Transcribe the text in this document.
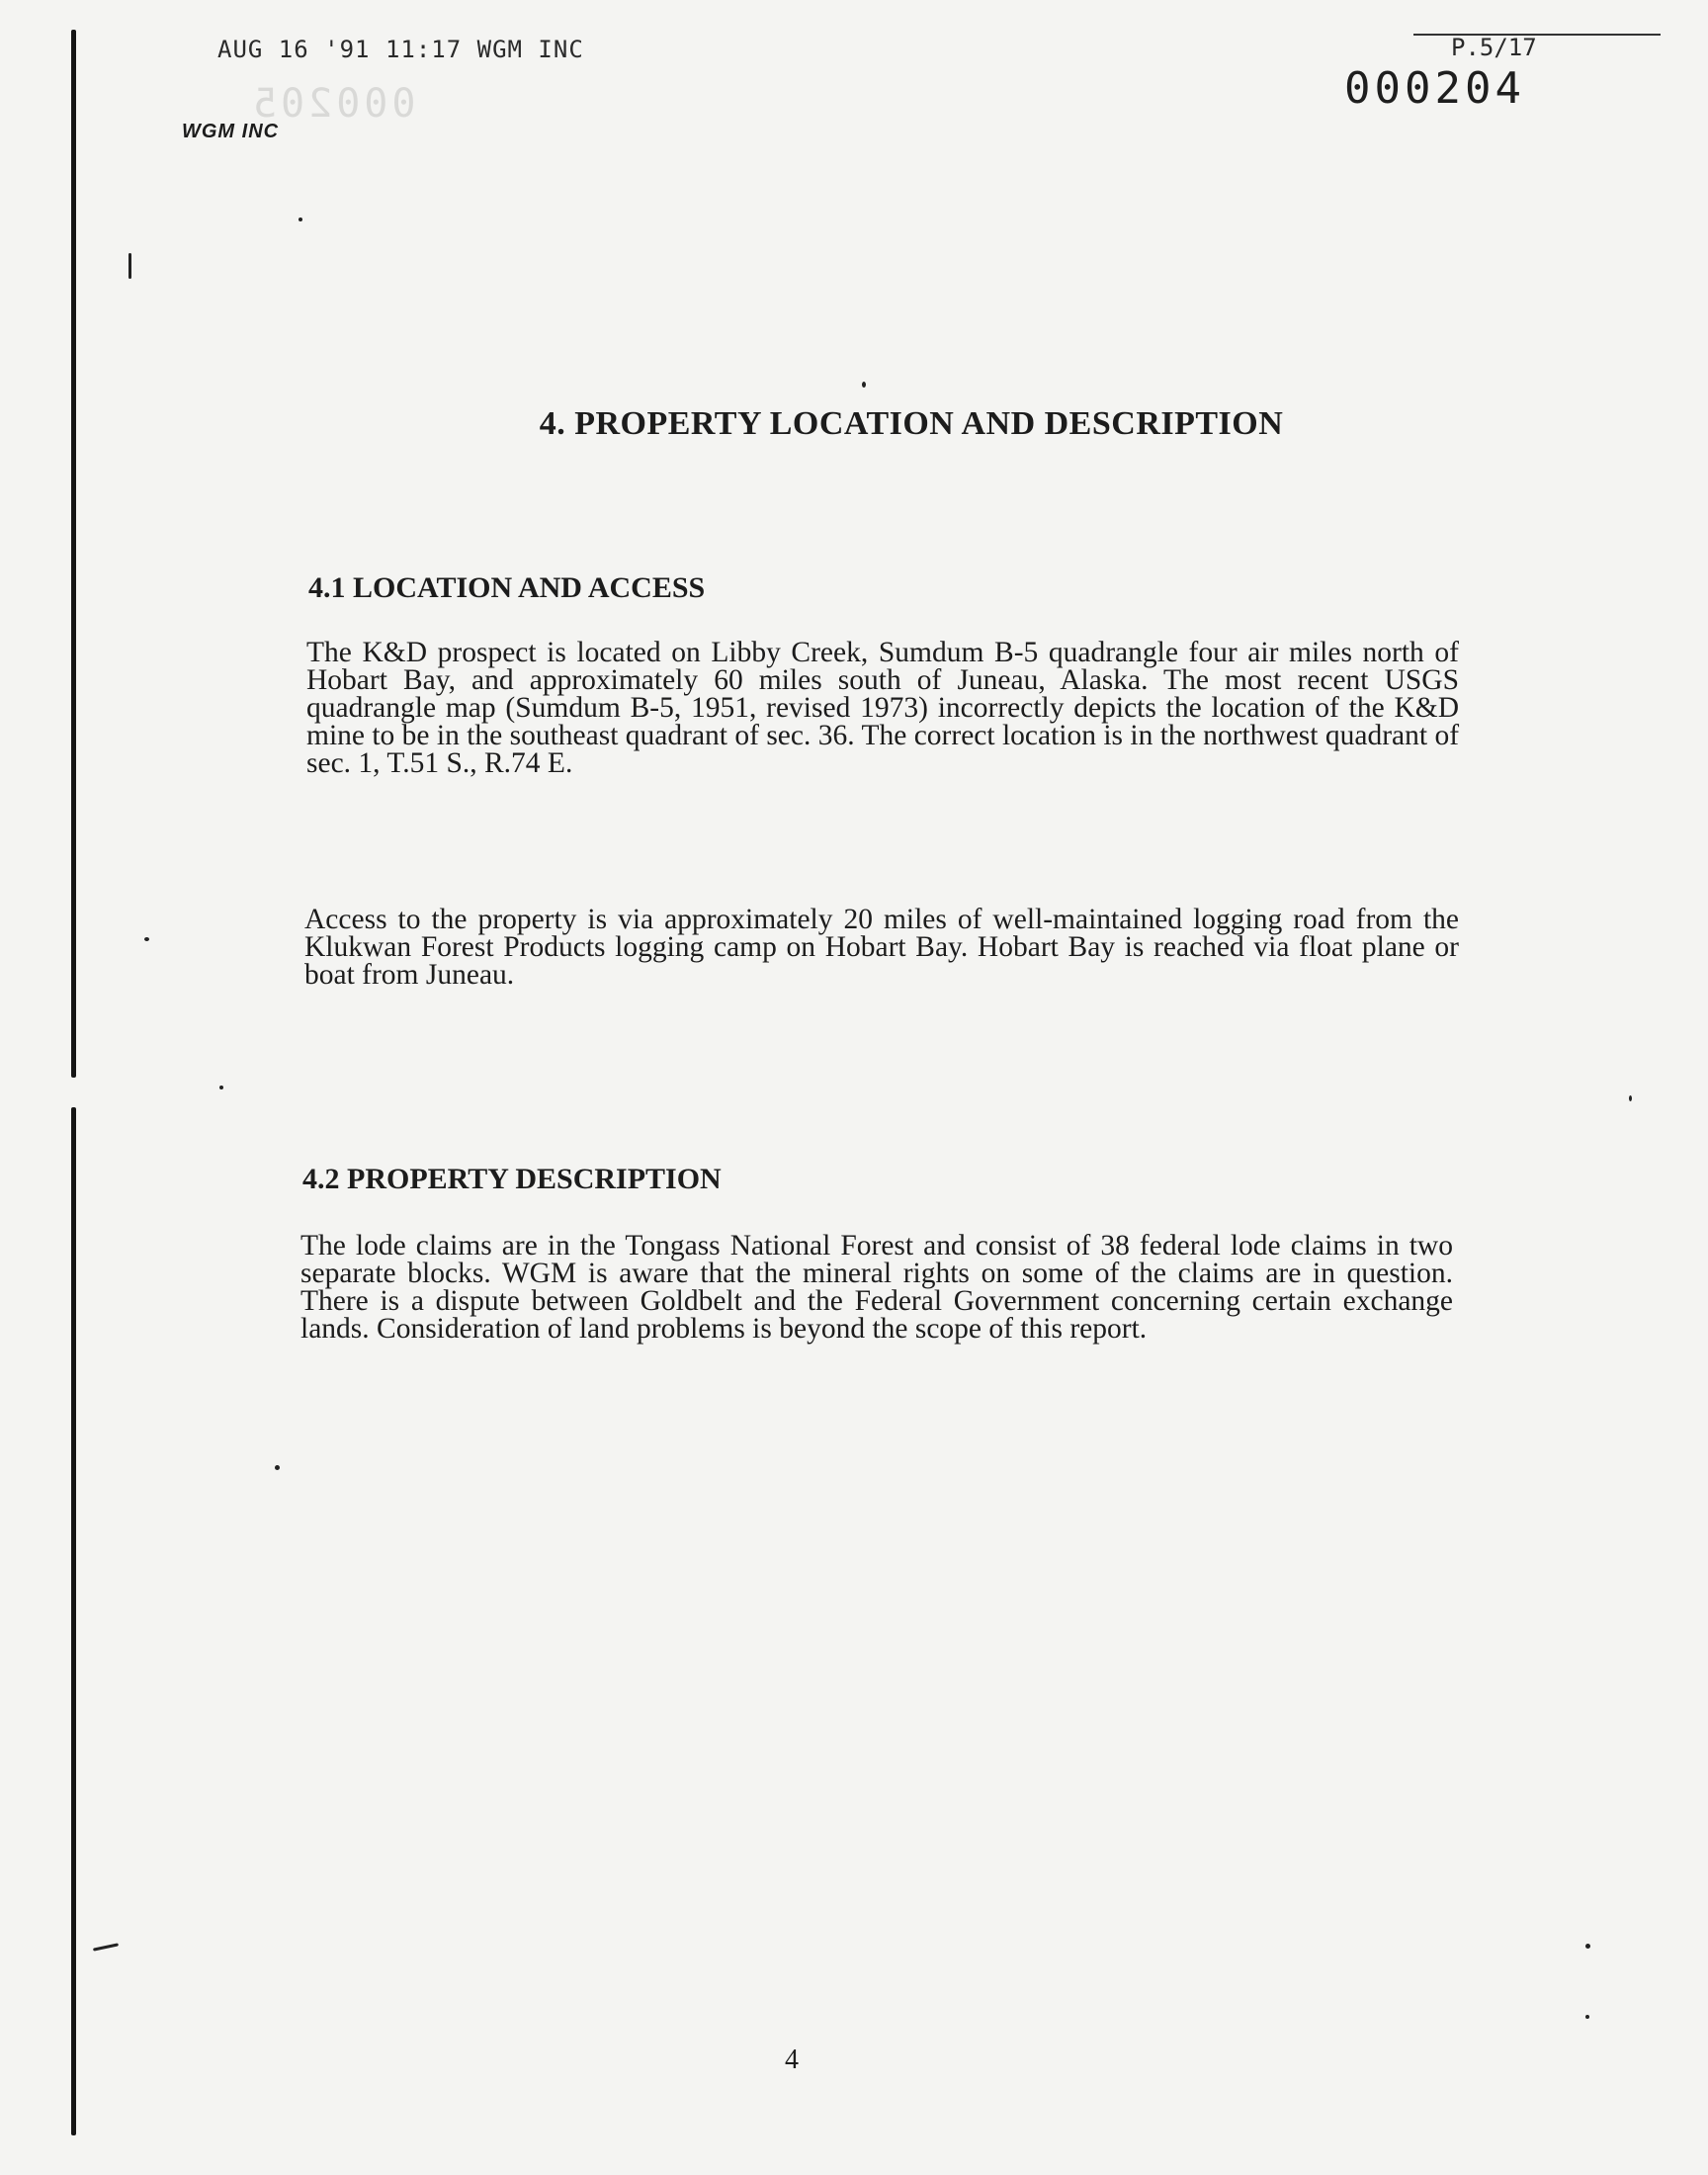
AUG 16 '91 11:17 WGM INC	P.5/17
000204
000205
WGM INC
4. PROPERTY LOCATION AND DESCRIPTION
4.1 LOCATION AND ACCESS
The K&D prospect is located on Libby Creek, Sumdum B-5 quadrangle four air miles north of Hobart Bay, and approximately 60 miles south of Juneau, Alaska. The most recent USGS quadrangle map (Sumdum B-5, 1951, revised 1973) incorrectly depicts the location of the K&D mine to be in the southeast quadrant of sec. 36. The correct location is in the northwest quadrant of sec. 1, T.51 S., R.74 E.
Access to the property is via approximately 20 miles of well-maintained logging road from the Klukwan Forest Products logging camp on Hobart Bay. Hobart Bay is reached via float plane or boat from Juneau.
4.2 PROPERTY DESCRIPTION
The lode claims are in the Tongass National Forest and consist of 38 federal lode claims in two separate blocks. WGM is aware that the mineral rights on some of the claims are in question. There is a dispute between Goldbelt and the Federal Government concerning certain exchange lands. Consideration of land problems is beyond the scope of this report.
4
